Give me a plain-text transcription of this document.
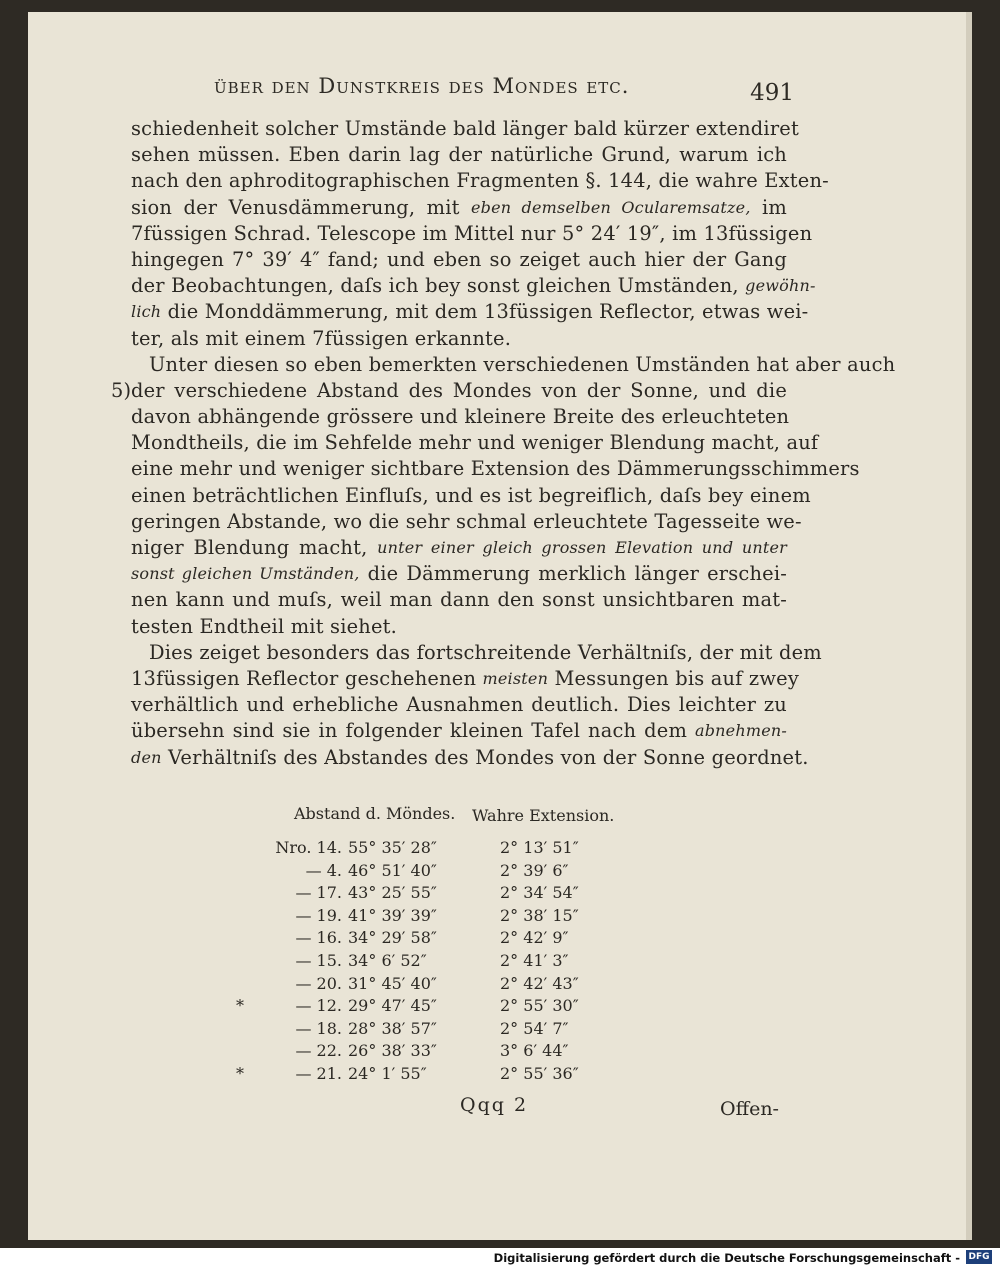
über den Dunstkreis des Mondes etc.	491
schiedenheit solcher Umstände bald länger bald kürzer extendiret
sehen müssen. Eben darin lag der natürliche Grund, warum ich
nach den aphroditographischen Fragmenten §. 144, die wahre Exten-
sion der Venusdämmerung, mit eben demselben Ocularemsatze, im
7füssigen Schrad. Telescope im Mittel nur 5° 24′ 19″, im 13füssigen
hingegen 7° 39′ 4″ fand; und eben so zeiget auch hier der Gang
der Beobachtungen, daſs ich bey sonst gleichen Umständen, gewöhn-
lich die Monddämmerung, mit dem 13füssigen Reflector, etwas wei-
ter, als mit einem 7füssigen erkannte.
Unter diesen so eben bemerkten verschiedenen Umständen hat aber auch
5) der verschiedene Abstand des Mondes von der Sonne, und die
davon abhängende grössere und kleinere Breite des erleuchteten
Mondtheils, die im Sehfelde mehr und weniger Blendung macht, auf
eine mehr und weniger sichtbare Extension des Dämmerungsschimmers
einen beträchtlichen Einfluſs, und es ist begreiflich, daſs bey einem
geringen Abstande, wo die sehr schmal erleuchtete Tagesseite we-
niger Blendung macht, unter einer gleich grossen Elevation und unter
sonst gleichen Umständen, die Dämmerung merklich länger erschei-
nen kann und muſs, weil man dann den sonst unsichtbaren mat-
testen Endtheil mit siehet.
Dies zeiget besonders das fortschreitende Verhältniſs, der mit dem
13füssigen Reflector geschehenen meisten Messungen bis auf zwey
verhältlich und erhebliche Ausnahmen deutlich. Dies leichter zu
übersehn sind sie in folgender kleinen Tafel nach dem abnehmen-
den Verhältniſs des Abstandes des Mondes von der Sonne geordnet.
Abstand d. Möndes. Wahre Extension.
Nro. 14. 55° 35′ 28″	2° 13′ 51″
— 4. 46° 51′ 40″	2° 39′ 6″
— 17. 43° 25′ 55″	2° 34′ 54″
— 19. 41° 39′ 39″	2° 38′ 15″
— 16. 34° 29′ 58″	2° 42′ 9″
— 15. 34° 6′ 52″	2° 41′ 3″
— 20. 31° 45′ 40″	2° 42′ 43″
*	— 12. 29° 47′ 45″	2° 55′ 30″
— 18. 28° 38′ 57″	2° 54′ 7″
— 22. 26° 38′ 33″	3° 6′ 44″
*	— 21. 24° 1′ 55″	2° 55′ 36″
Qqq 2	Offen-
Digitalisierung gefördert durch die Deutsche Forschungsgemeinschaft - DFG
